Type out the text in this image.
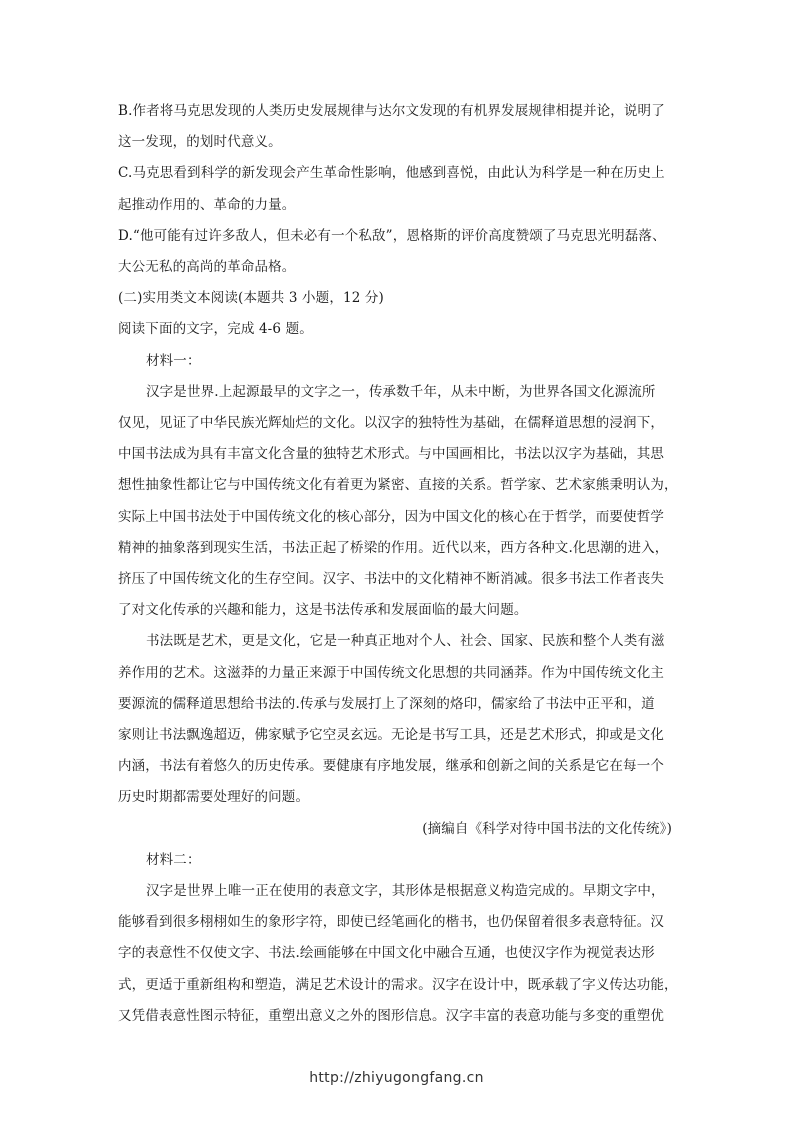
B.作者将马克思发现的人类历史发展规律与达尔文发现的有机界发展规律相提并论，说明了
这一发现，的划时代意义。
C.马克思看到科学的新发现会产生革命性影响，他感到喜悦，由此认为科学是一种在历史上
起推动作用的、革命的力量。
D.“他可能有过许多敌人，但未必有一个私敌”，恩格斯的评价高度赞颂了马克思光明磊落、
大公无私的高尚的革命品格。
(二)实用类文本阅读(本题共 3 小题，12 分)
阅读下面的文字，完成 4-6 题。
材料一：
汉字是世界.上起源最早的文字之一，传承数千年，从未中断，为世界各国文化源流所
仅见，见证了中华民族光辉灿烂的文化。以汉字的独特性为基础，在儒释道思想的浸润下，
中国书法成为具有丰富文化含量的独特艺术形式。与中国画相比，书法以汉字为基础，其思
想性抽象性都让它与中国传统文化有着更为紧密、直接的关系。哲学家、艺术家熊秉明认为，
实际上中国书法处于中国传统文化的核心部分，因为中国文化的核心在于哲学，而要使哲学
精神的抽象落到现实生活，书法正起了桥梁的作用。近代以来，西方各种文.化思潮的进入，
挤压了中国传统文化的生存空间。汉字、书法中的文化精神不断消减。很多书法工作者丧失
了对文化传承的兴趣和能力，这是书法传承和发展面临的最大问题。
书法既是艺术，更是文化，它是一种真正地对个人、社会、国家、民族和整个人类有滋
养作用的艺术。这滋莽的力量正来源于中国传统文化思想的共同涵莽。作为中国传统文化主
要源流的儒释道思想给书法的.传承与发展打上了深刻的烙印，儒家给了书法中正平和，道
家则让书法飘逸超迈，佛家赋予它空灵玄远。无论是书写工具，还是艺术形式，抑或是文化
内涵，书法有着悠久的历史传承。要健康有序地发展，继承和创新之间的关系是它在每一个
历史时期都需要处理好的问题。
(摘编自《科学对待中国书法的文化传统》)
材料二：
汉字是世界上唯一正在使用的表意文字，其形体是根据意义构造完成的。早期文字中，
能够看到很多栩栩如生的象形字符，即使已经笔画化的楷书，也仍保留着很多表意特征。汉
字的表意性不仅使文字、书法.绘画能够在中国文化中融合互通，也使汉字作为视觉表达形
式，更适于重新组构和塑造，满足艺术设计的需求。汉字在设计中，既承载了字义传达功能，
又凭借表意性图示特征，重塑出意义之外的图形信息。汉字丰富的表意功能与多变的重塑优
http://zhiyugongfang.cn
